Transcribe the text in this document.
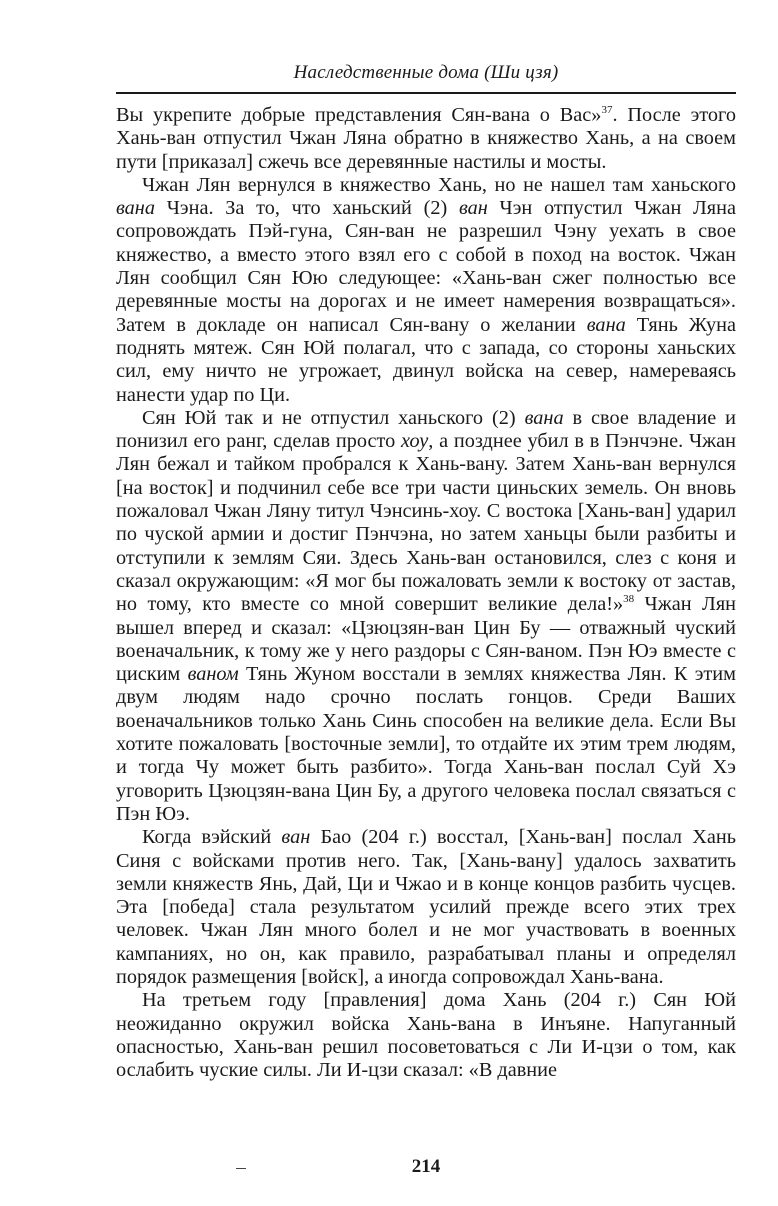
Наследственные дома (Ши цзя)

Вы укрепите добрые представления Сян-вана о Вас»$^{37}$. После этого Хань-ван отпустил Чжан Ляна обратно в княжество Хань, а на своем пути [приказал] сжечь все деревянные настилы и мосты.

Чжан Лян вернулся в княжество Хань, но не нашел там ханьского вана Чэна. За то, что ханьский (2) ван Чэн отпустил Чжан Ляна сопровождать Пэй-гуна, Сян-ван не разрешил Чэну уехать в свое княжество, а вместо этого взял его с собой в поход на восток. Чжан Лян сообщил Сян Юю следующее: «Хань-ван сжег полностью все деревянные мосты на дорогах и не имеет намерения возвращаться». Затем в докладе он написал Сян-вану о желании вана Тянь Жуна поднять мятеж. Сян Юй полагал, что с запада, со стороны ханьских сил, ему ничто не угрожает, двинул войска на север, намереваясь нанести удар по Ци.

Сян Юй так и не отпустил ханьского (2) вана в свое владение и понизил его ранг, сделав просто хоу, а позднее убил в в Пэнчэне. Чжан Лян бежал и тайком пробрался к Хань-вану. Затем Хань-ван вернулся [на восток] и подчинил себе все три части циньских земель. Он вновь пожаловал Чжан Ляну титул Чэнсинь-хоу. С востока [Хань-ван] ударил по чуской армии и достиг Пэнчэна, но затем ханьцы были разбиты и отступили к землям Сяи. Здесь Хань-ван остановился, слез с коня и сказал окружающим: «Я мог бы пожаловать земли к востоку от застав, но тому, кто вместе со мной совершит великие дела!»$^{38}$ Чжан Лян вышел вперед и сказал: «Цзюцзян-ван Цин Бу — отважный чуский военачальник, к тому же у него раздоры с Сян-ваном. Пэн Юэ вместе с циским ваном Тянь Жуном восстали в землях княжества Лян. К этим двум людям надо срочно послать гонцов. Среди Ваших военачальников только Хань Синь способен на великие дела. Если Вы хотите пожаловать [восточные земли], то отдайте их этим трем людям, и тогда Чу может быть разбито». Тогда Хань-ван послал Суй Хэ уговорить Цзюцзян-вана Цин Бу, а другого человека послал связаться с Пэн Юэ.

Когда вэйский ван Бао (204 г.) восстал, [Хань-ван] послал Хань Синя с войсками против него. Так, [Хань-вану] удалось захватить земли княжеств Янь, Дай, Ци и Чжао и в конце концов разбить чусцев. Эта [победа] стала результатом усилий прежде всего этих трех человек. Чжан Лян много болел и не мог участвовать в военных кампаниях, но он, как правило, разрабатывал планы и определял порядок размещения [войск], а иногда сопровождал Хань-вана.

На третьем году [правления] дома Хань (204 г.) Сян Юй неожиданно окружил войска Хань-вана в Инъяне. Напуганный опасностью, Хань-ван решил посоветоваться с Ли И-цзи о том, как ослабить чуские силы. Ли И-цзи сказал: «В давние

214
